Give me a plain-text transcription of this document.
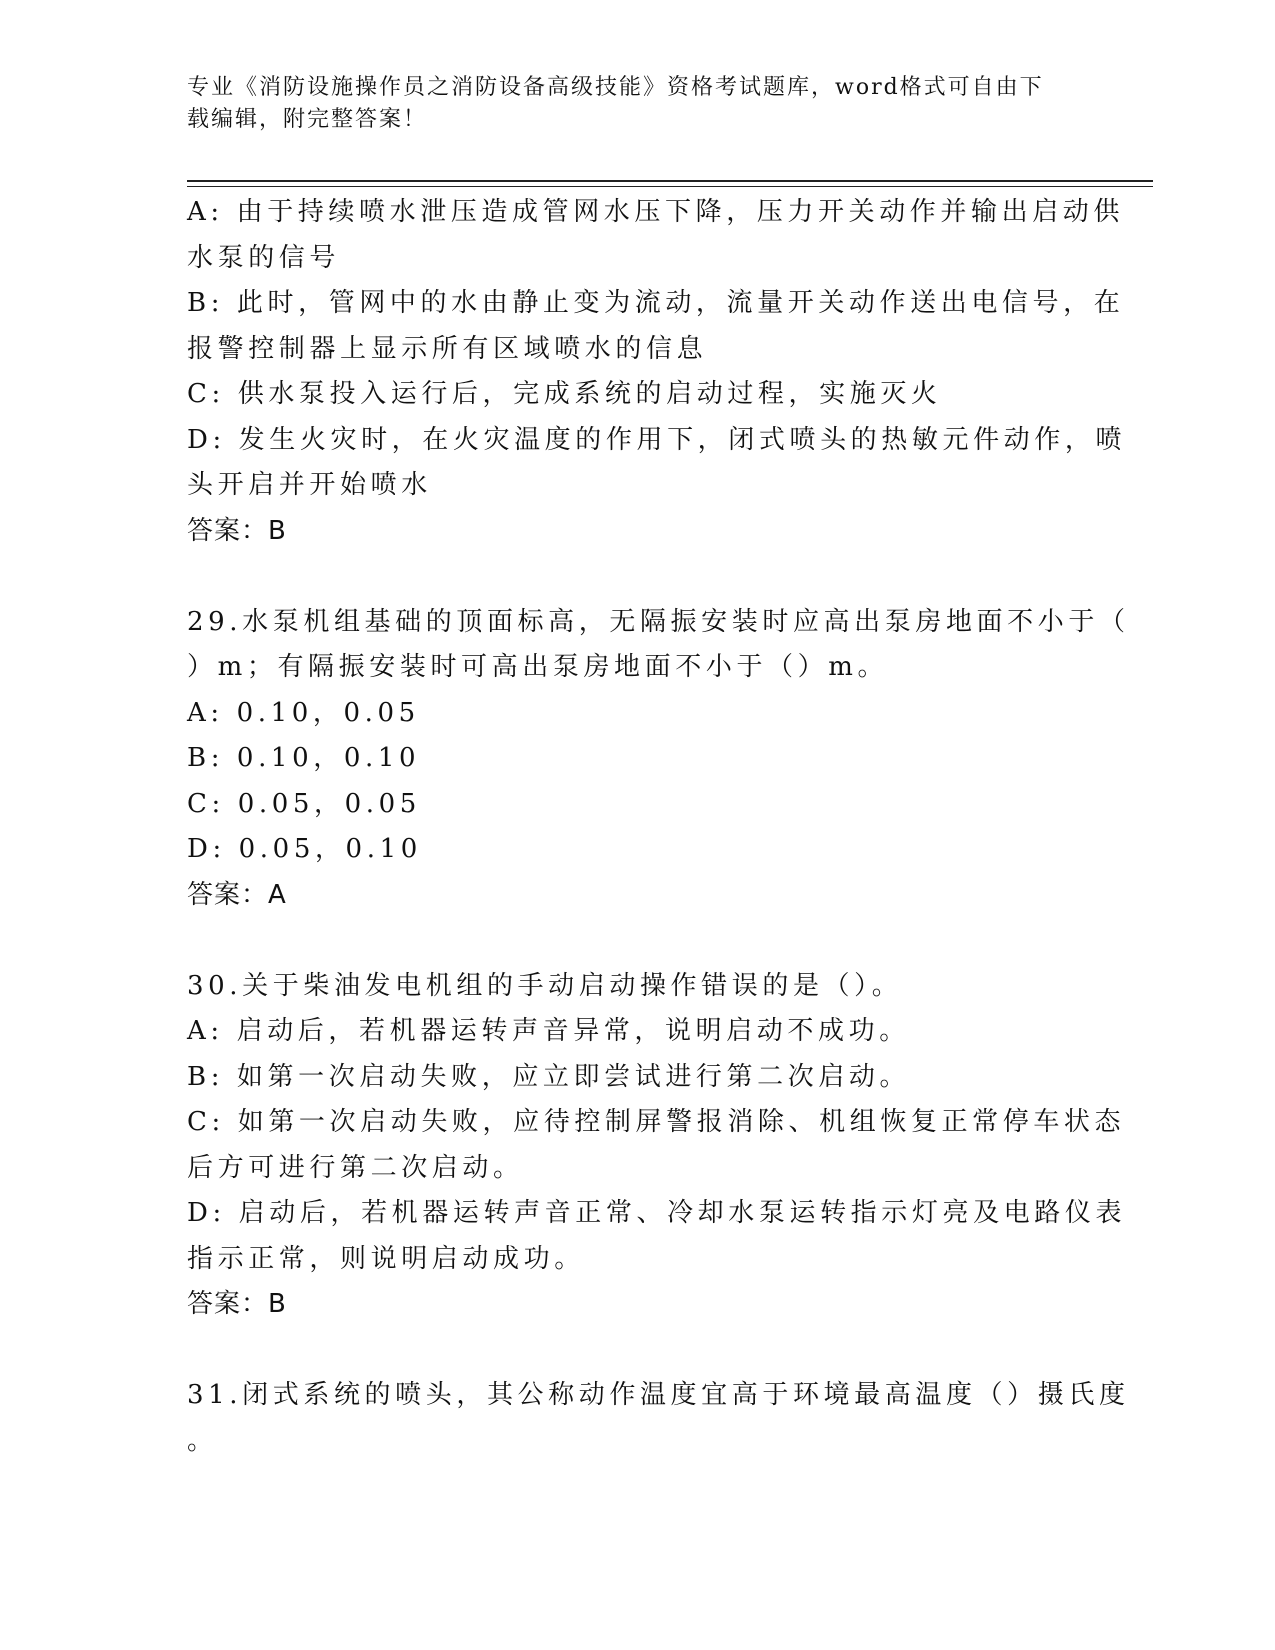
专业《消防设施操作员之消防设备高级技能》资格考试题库，word格式可自由下
载编辑，附完整答案！
A: 由于持续喷水泄压造成管网水压下降，压力开关动作并输出启动供
水泵的信号
B: 此时，管网中的水由静止变为流动，流量开关动作送出电信号，在
报警控制器上显示所有区域喷水的信息
C: 供水泵投入运行后，完成系统的启动过程，实施灭火
D: 发生火灾时，在火灾温度的作用下，闭式喷头的热敏元件动作，喷
头开启并开始喷水
答案：B
29.水泵机组基础的顶面标高，无隔振安装时应高出泵房地面不小于（
）m；有隔振安装时可高出泵房地面不小于（）m。
A: 0.10，0.05
B: 0.10，0.10
C: 0.05，0.05
D: 0.05，0.10
答案：A
30.关于柴油发电机组的手动启动操作错误的是（）。
A: 启动后，若机器运转声音异常，说明启动不成功。
B: 如第一次启动失败，应立即尝试进行第二次启动。
C: 如第一次启动失败，应待控制屏警报消除、机组恢复正常停车状态
后方可进行第二次启动。
D: 启动后，若机器运转声音正常、冷却水泵运转指示灯亮及电路仪表
指示正常，则说明启动成功。
答案：B
31.闭式系统的喷头，其公称动作温度宜高于环境最高温度（）摄氏度
。
